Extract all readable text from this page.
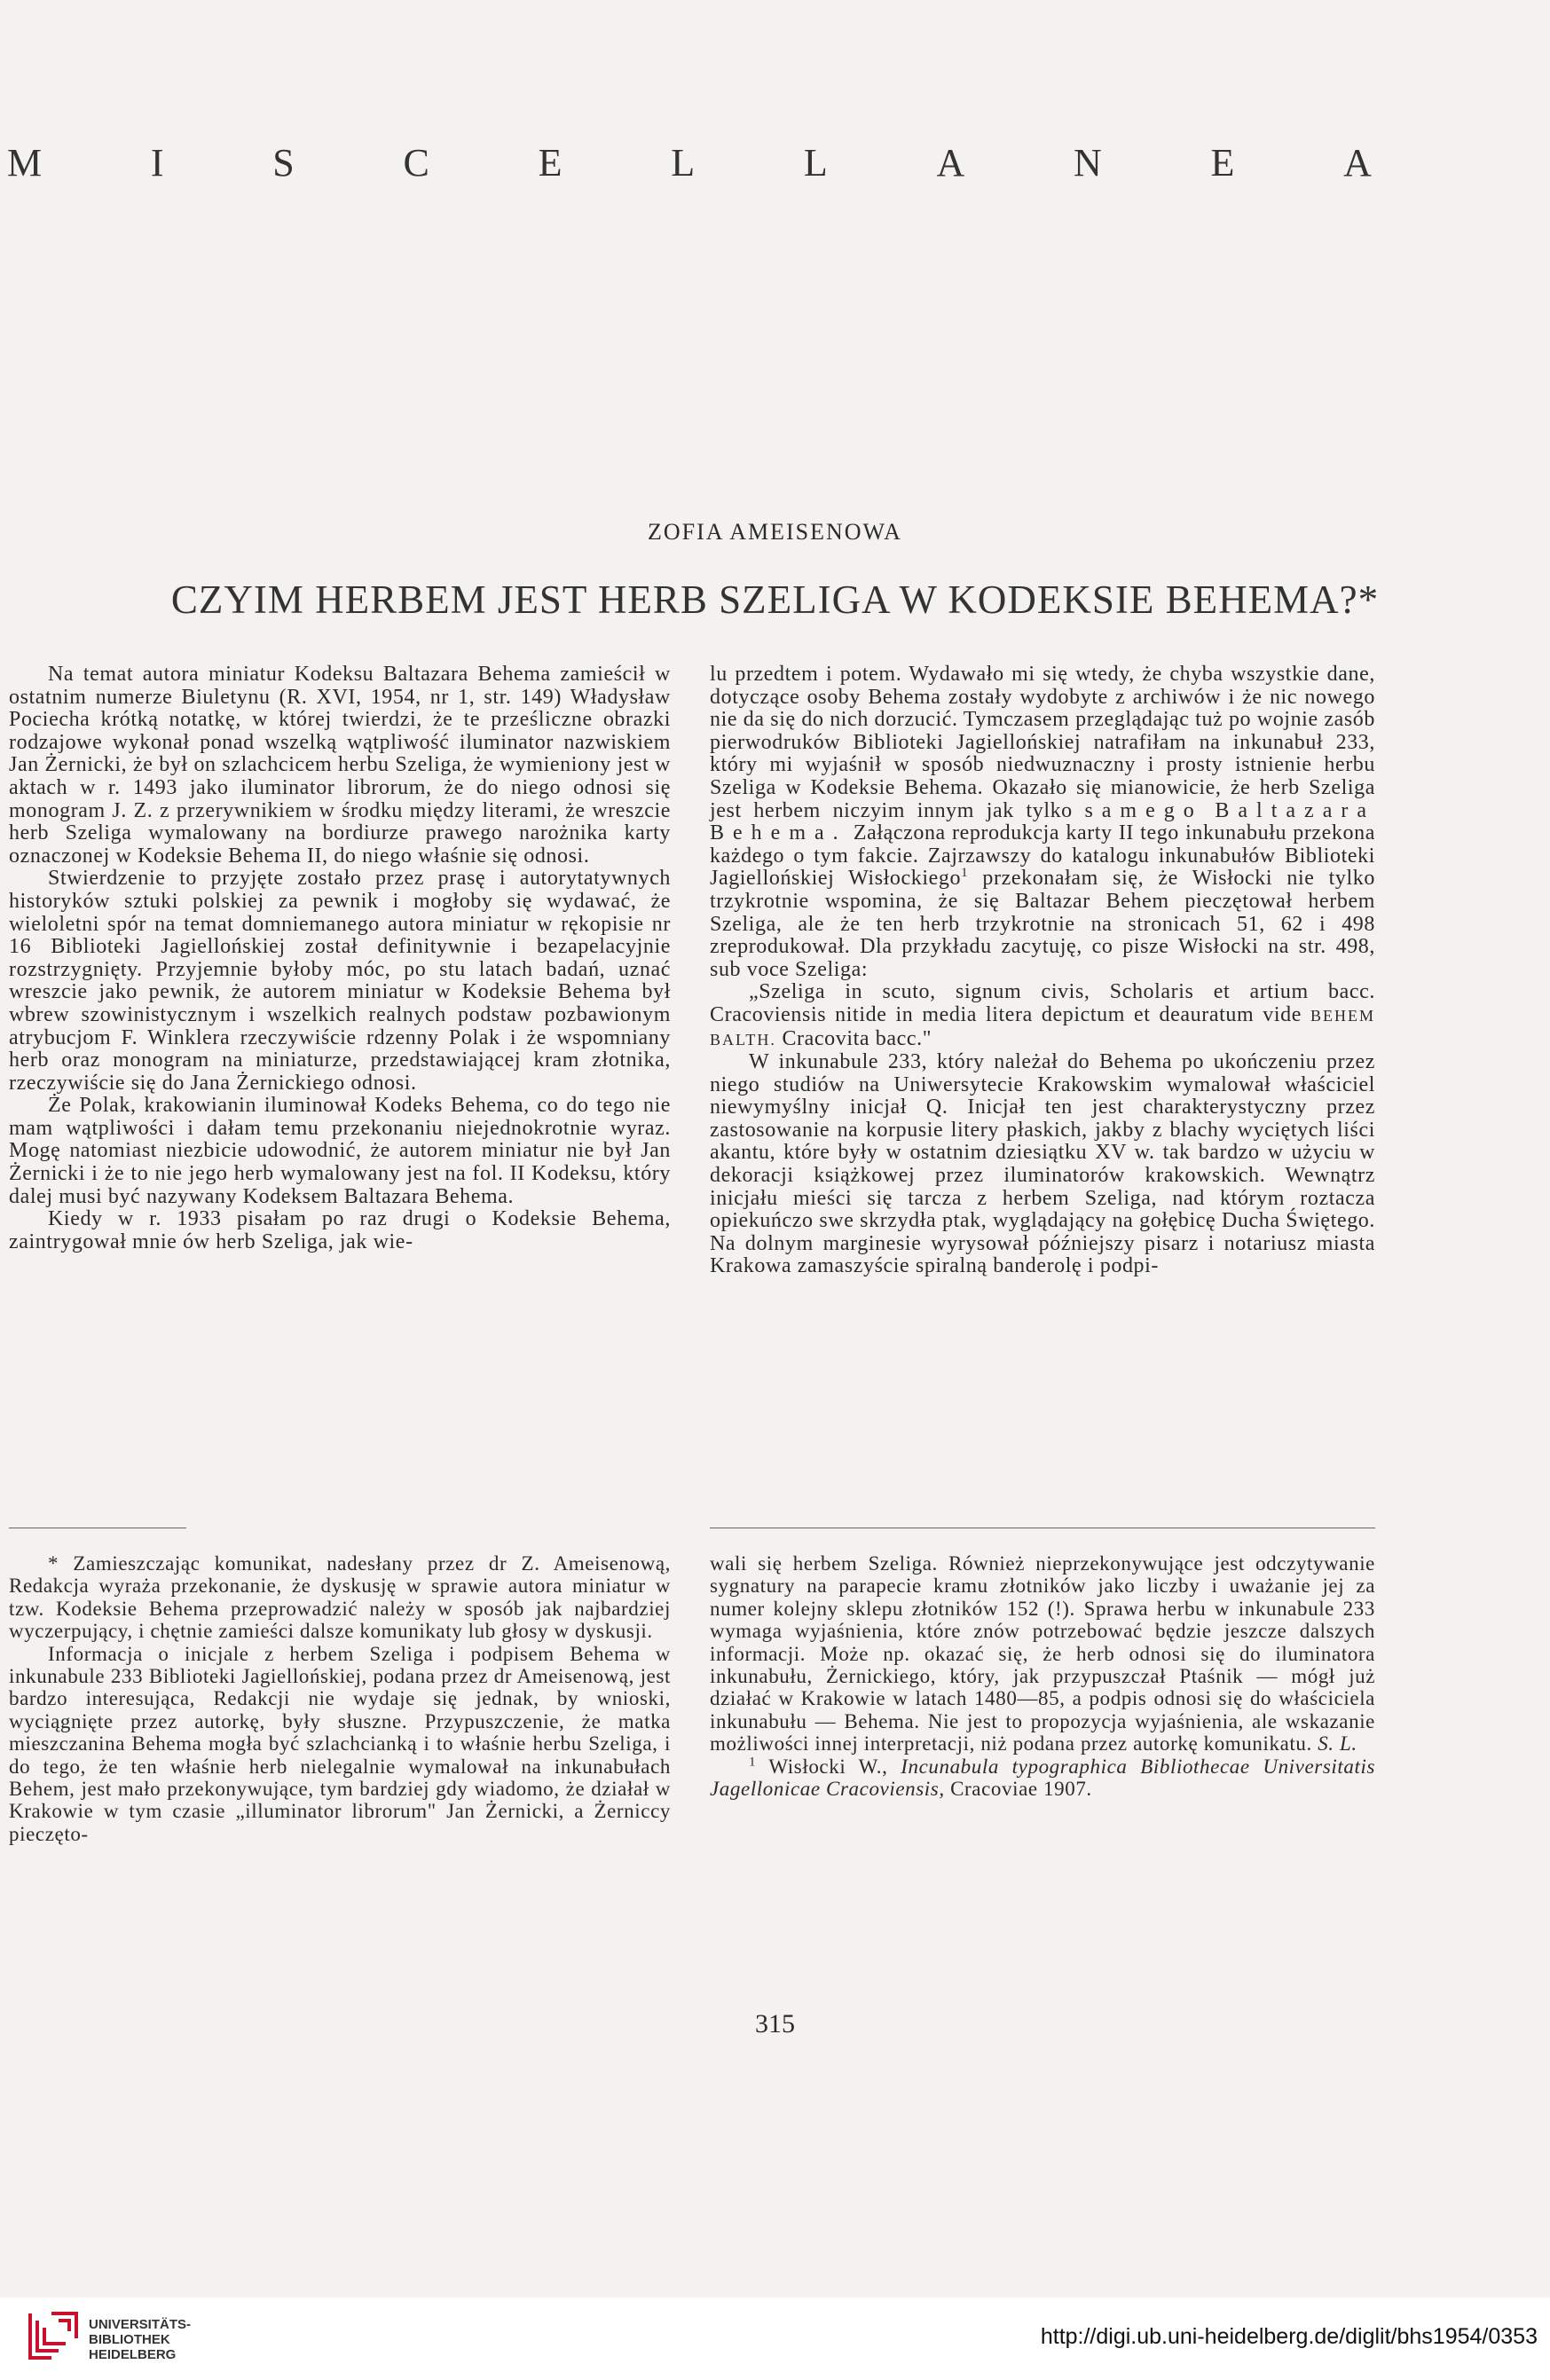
M	I	S	C	E	L	L	A	N	E	A
ZOFIA AMEISENOWA
CZYIM HERBEM JEST HERB SZELIGA W KODEKSIE BEHEMA?*

Na temat autora miniatur Kodeksu Baltazara Behema zamieścił w ostatnim numerze Biuletynu (R. XVI, 1954, nr 1, str. 149) Władysław Pociecha krótką notatkę, w której twierdzi, że te prześliczne obrazki rodzajowe wykonał ponad wszelką wątpliwość iluminator nazwiskiem Jan Żernicki, że był on szlachcicem herbu Szeliga, że wymieniony jest w aktach w r. 1493 jako iluminator librorum, że do niego odnosi się monogram J. Z. z przerywnikiem w środku między literami, że wreszcie herb Szeliga wymalowany na bordiurze prawego narożnika karty oznaczonej w Kodeksie Behema II, do niego właśnie się odnosi.

Stwierdzenie to przyjęte zostało przez prasę i autorytatywnych historyków sztuki polskiej za pewnik i mogłoby się wydawać, że wieloletni spór na temat domniemanego autora miniatur w rękopisie nr 16 Biblioteki Jagiellońskiej został definitywnie i bezapelacyjnie rozstrzygnięty. Przyjemnie byłoby móc, po stu latach badań, uznać wreszcie jako pewnik, że autorem miniatur w Kodeksie Behema był wbrew szowinistycznym i wszelkich realnych podstaw pozbawionym atrybucjom F. Winklera rzeczywiście rdzenny Polak i że wspomniany herb oraz monogram na miniaturze, przedstawiającej kram złotnika, rzeczywiście się do Jana Żernickiego odnosi.

Że Polak, krakowianin iluminował Kodeks Behema, co do tego nie mam wątpliwości i dałam temu przekonaniu niejednokrotnie wyraz. Mogę natomiast niezbicie udowodnić, że autorem miniatur nie był Jan Żernicki i że to nie jego herb wymalowany jest na fol. II Kodeksu, który dalej musi być nazywany Kodeksem Baltazara Behema.

Kiedy w r. 1933 pisałam po raz drugi o Kodeksie Behema, zaintrygował mnie ów herb Szeliga, jak wie-

lu przedtem i potem. Wydawało mi się wtedy, że chyba wszystkie dane, dotyczące osoby Behema zostały wydobyte z archiwów i że nic nowego nie da się do nich dorzucić. Tymczasem przeglądając tuż po wojnie zasób pierwodruków Biblioteki Jagiellońskiej natrafiłam na inkunabuł 233, który mi wyjaśnił w sposób niedwuznaczny i prosty istnienie herbu Szeliga w Kodeksie Behema. Okazało się mianowicie, że herb Szeliga jest herbem niczyim innym jak tylko samego Baltazara Behema. Załączona reprodukcja karty II tego inkunabułu przekona każdego o tym fakcie. Zajrzawszy do katalogu inkunabułów Biblioteki Jagiellońskiej Wisłockiego$^1$ przekonałam się, że Wisłocki nie tylko trzykrotnie wspomina, że się Baltazar Behem pieczętował herbem Szeliga, ale że ten herb trzykrotnie na stronicach 51, 62 i 498 zreprodukował. Dla przykładu zacytuję, co pisze Wisłocki na str. 498, sub voce Szeliga:

„Szeliga in scuto, signum civis, Scholaris et artium bacc. Cracoviensis nitide in media litera depictum et deauratum vide BEHEM BALTH. Cracovita bacc."

W inkunabule 233, który należał do Behema po ukończeniu przez niego studiów na Uniwersytecie Krakowskim wymalował właściciel niewymyślny inicjał Q. Inicjał ten jest charakterystyczny przez zastosowanie na korpusie litery płaskich, jakby z blachy wyciętych liści akantu, które były w ostatnim dziesiątku XV w. tak bardzo w użyciu w dekoracji książkowej przez iluminatorów krakowskich. Wewnątrz inicjału mieści się tarcza z herbem Szeliga, nad którym roztacza opiekuńczo swe skrzydła ptak, wyglądający na gołębicę Ducha Świętego. Na dolnym marginesie wyrysował późniejszy pisarz i notariusz miasta Krakowa zamaszyście spiralną banderolę i podpi-

* Zamieszczając komunikat, nadesłany przez dr Z. Ameisenową, Redakcja wyraża przekonanie, że dyskusję w sprawie autora miniatur w tzw. Kodeksie Behema przeprowadzić należy w sposób jak najbardziej wyczerpujący, i chętnie zamieści dalsze komunikaty lub głosy w dyskusji.

Informacja o inicjale z herbem Szeliga i podpisem Behema w inkunabule 233 Biblioteki Jagiellońskiej, podana przez dr Ameisenową, jest bardzo interesująca, Redakcji nie wydaje się jednak, by wnioski, wyciągnięte przez autorkę, były słuszne. Przypuszczenie, że matka mieszczanina Behema mogła być szlachcianką i to właśnie herbu Szeliga, i do tego, że ten właśnie herb nielegalnie wymalował na inkunabułach Behem, jest mało przekonywujące, tym bardziej gdy wiadomo, że działał w Krakowie w tym czasie „illuminator librorum" Jan Żernicki, a Żerniccy pieczęto-

wali się herbem Szeliga. Również nieprzekonywujące jest odczytywanie sygnatury na parapecie kramu złotników jako liczby i uważanie jej za numer kolejny sklepu złotników 152 (!). Sprawa herbu w inkunabule 233 wymaga wyjaśnienia, które znów potrzebować będzie jeszcze dalszych informacji. Może np. okazać się, że herb odnosi się do iluminatora inkunabułu, Żernickiego, który, jak przypuszczał Ptaśnik — mógł już działać w Krakowie w latach 1480—85, a podpis odnosi się do właściciela inkunabułu — Behema. Nie jest to propozycja wyjaśnienia, ale wskazanie możliwości innej interpretacji, niż podana przez autorkę komunikatu. S. L.

$^1$ Wisłocki W., Incunabula typographica Bibliothecae Universitatis Jagellonicae Cracoviensis, Cracoviae 1907.

315
UNIVERSITÄTS-
BIBLIOTHEK
HEIDELBERG
http://digi.ub.uni-heidelberg.de/diglit/bhs1954/0353
